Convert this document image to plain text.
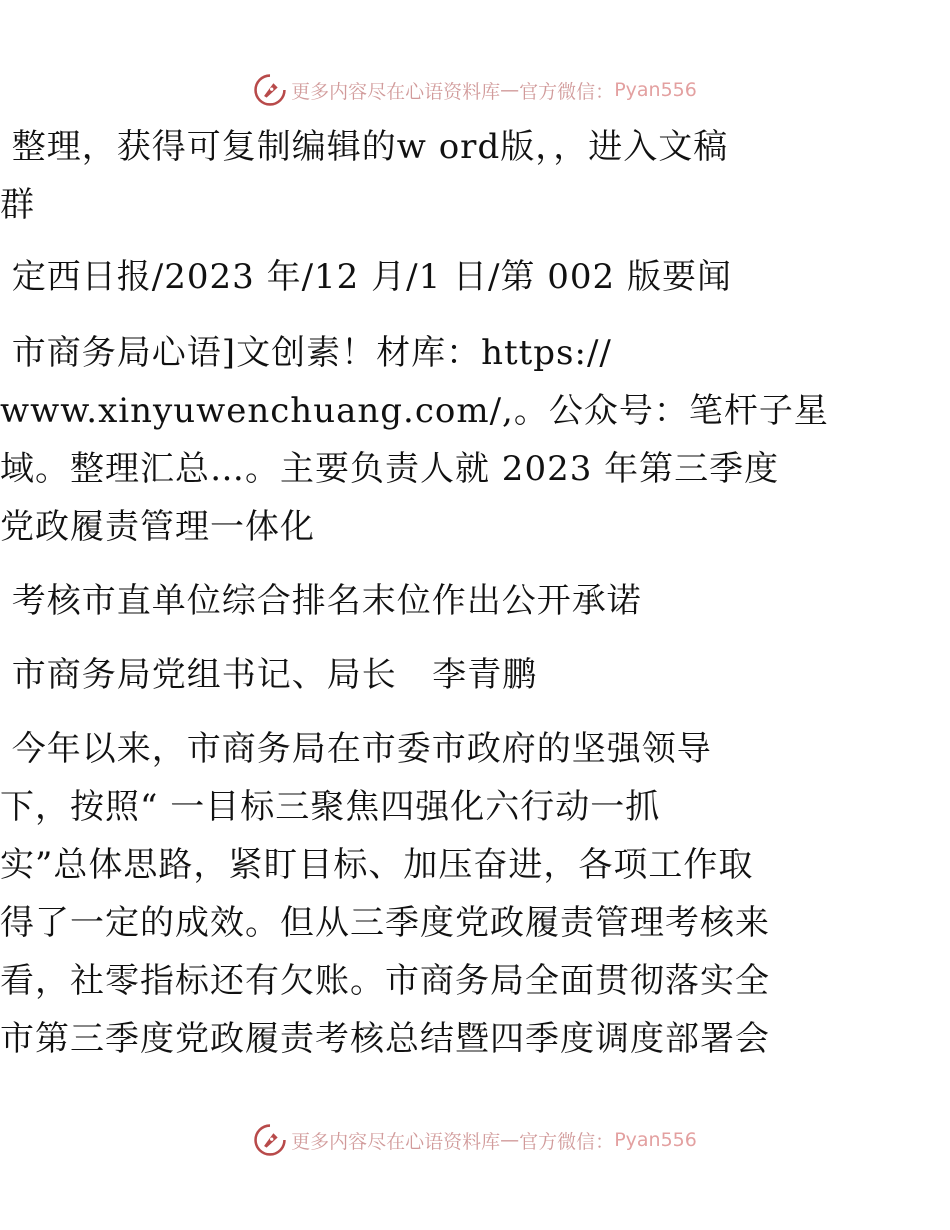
更多内容尽在心语资料库 — 官方微信： Pyan556
整理，获得可复制编辑的w ord版，，进入文稿
群
定西日报/2023 年/12 月/1 日/第 002 版要闻
市商务局心语]文创素！材库：https://
www.xinyuwenchuang.com/,。公众号：笔杆子星
域。整理汇总…。主要负责人就 2023 年第三季度
党政履责管理一体化
考核市直单位综合排名末位作出公开承诺
市商务局党组书记、局长   李青鹏
今年以来，市商务局在市委市政府的坚强领导
下，按照“ 一目标三聚焦四强化六行动一抓
实”总体思路，紧盯目标、加压奋进，各项工作取
得了一定的成效。但从三季度党政履责管理考核来
看，社零指标还有欠账。市商务局全面贯彻落实全
市第三季度党政履责考核总结暨四季度调度部署会
更多内容尽在心语资料库 — 官方微信： Pyan556
